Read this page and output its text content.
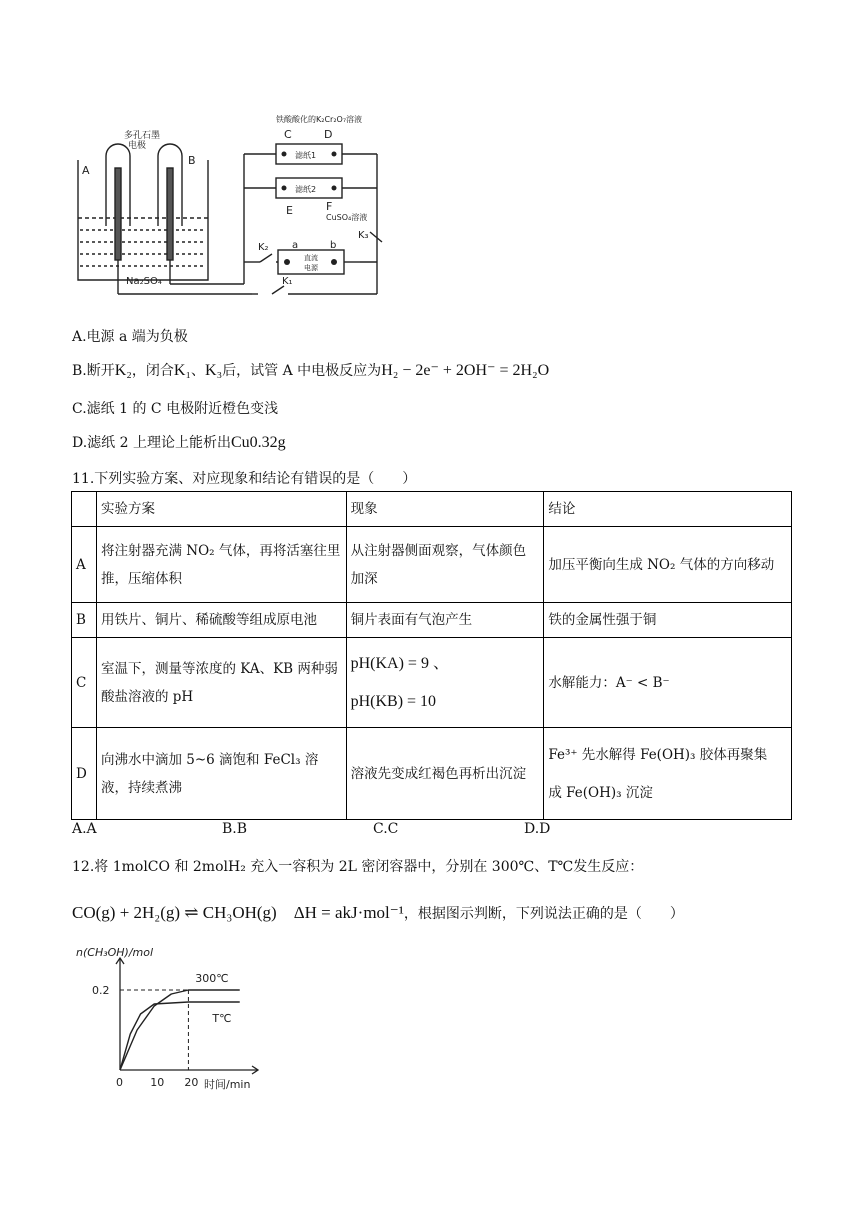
多孔石墨
电极
A
B
Na₂SO₄
铁酸酸化的K₂Cr₂O₇溶液
C	D
滤纸1
滤纸2
E	F
CuSO₄溶液
K₂
K₃
K₁
a	b
直流
电源
A.电源 a 端为负极
B.断开K₂，闭合K₁、K₃后，试管 A 中电极反应为H₂ − 2e⁻ + 2OH⁻ = 2H₂O
C.滤纸 1 的 C 电极附近橙色变浅
D.滤纸 2 上理论上能析出Cu0.32g
11.下列实验方案、对应现象和结论有错误的是（　　）
	实验方案	现象	结论
A	将注射器充满 NO₂ 气体，再将活塞往里推，压缩体积	从注射器侧面观察，气体颜色加深	加压平衡向生成 NO₂ 气体的方向移动
B	用铁片、铜片、稀硫酸等组成原电池	铜片表面有气泡产生	铁的金属性强于铜
C	室温下，测量等浓度的 KA、KB 两种弱酸盐溶液的 pH	pH(KA) = 9 、
pH(KB) = 10	水解能力：A⁻ < B⁻
D	向沸水中滴加 5~6 滴饱和 FeCl₃ 溶液，持续煮沸	溶液先变成红褐色再析出沉淀	Fe³⁺ 先水解得 Fe(OH)₃ 胶体再聚集
成 Fe(OH)₃ 沉淀
A.A	B.B	C.C	D.D
12.将 1molCO 和 2molH₂ 充入一容积为 2L 密闭容器中，分别在 300℃、T℃发生反应：
CO(g) + 2H₂(g) ⇌ CH₃OH(g)　ΔH = akJ·mol⁻¹，根据图示判断，下列说法正确的是（　　）
n(CH₃OH)/mol
时间/min
0 10 20
0.2
300℃
T℃
